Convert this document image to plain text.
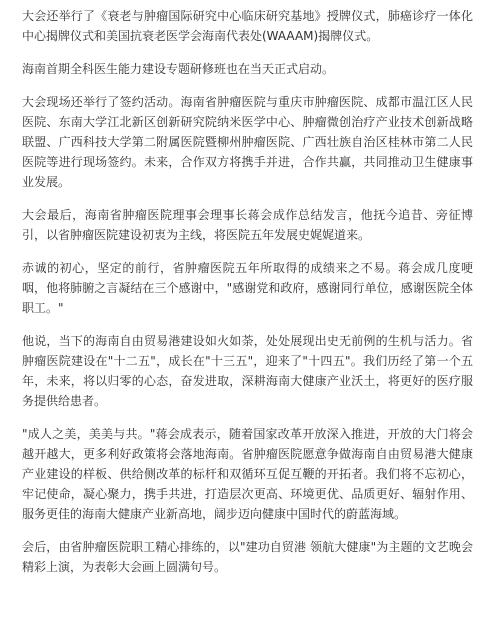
大会还举行了《衰老与肿瘤国际研究中心临床研究基地》授牌仪式，肺癌诊疗一体化中心揭牌仪式和美国抗衰老医学会海南代表处(WAAAM)揭牌仪式。

海南首期全科医生能力建设专题研修班也在当天正式启动。

大会现场还举行了签约活动。海南省肿瘤医院与重庆市肿瘤医院、成都市温江区人民医院、东南大学江北新区创新研究院纳米医学中心、肿瘤微创治疗产业技术创新战略联盟、广西科技大学第二附属医院暨柳州肿瘤医院、广西壮族自治区桂林市第二人民医院等进行现场签约。未来，合作双方将携手并进，合作共赢，共同推动卫生健康事业发展。

大会最后，海南省肿瘤医院理事会理事长蒋会成作总结发言，他抚今追昔、旁征博引，以省肿瘤医院建设初衷为主线，将医院五年发展史娓娓道来。

赤诚的初心，坚定的前行，省肿瘤医院五年所取得的成绩来之不易。蒋会成几度哽咽，他将肺腑之言凝结在三个感谢中，"感谢党和政府，感谢同行单位，感谢医院全体职工。"

他说，当下的海南自由贸易港建设如火如荼，处处展现出史无前例的生机与活力。省肿瘤医院建设在"十二五"，成长在"十三五"，迎来了"十四五"。我们历经了第一个五年，未来，将以归零的心态，奋发进取，深耕海南大健康产业沃土，将更好的医疗服务提供给患者。

"成人之美，美美与共。"蒋会成表示，随着国家改革开放深入推进，开放的大门将会越开越大，更多利好政策将会落地海南。省肿瘤医院愿意争做海南自由贸易港大健康产业建设的样板、供给侧改革的标杆和双循环互促互鞭的开拓者。我们将不忘初心，牢记使命，凝心聚力，携手共进，打造层次更高、环境更优、品质更好、辐射作用、服务更佳的海南大健康产业新高地，阔步迈向健康中国时代的蔚蓝海域。

会后，由省肿瘤医院职工精心排练的，以"建功自贸港 领航大健康"为主题的文艺晚会精彩上演，为表彰大会画上圆满句号。
